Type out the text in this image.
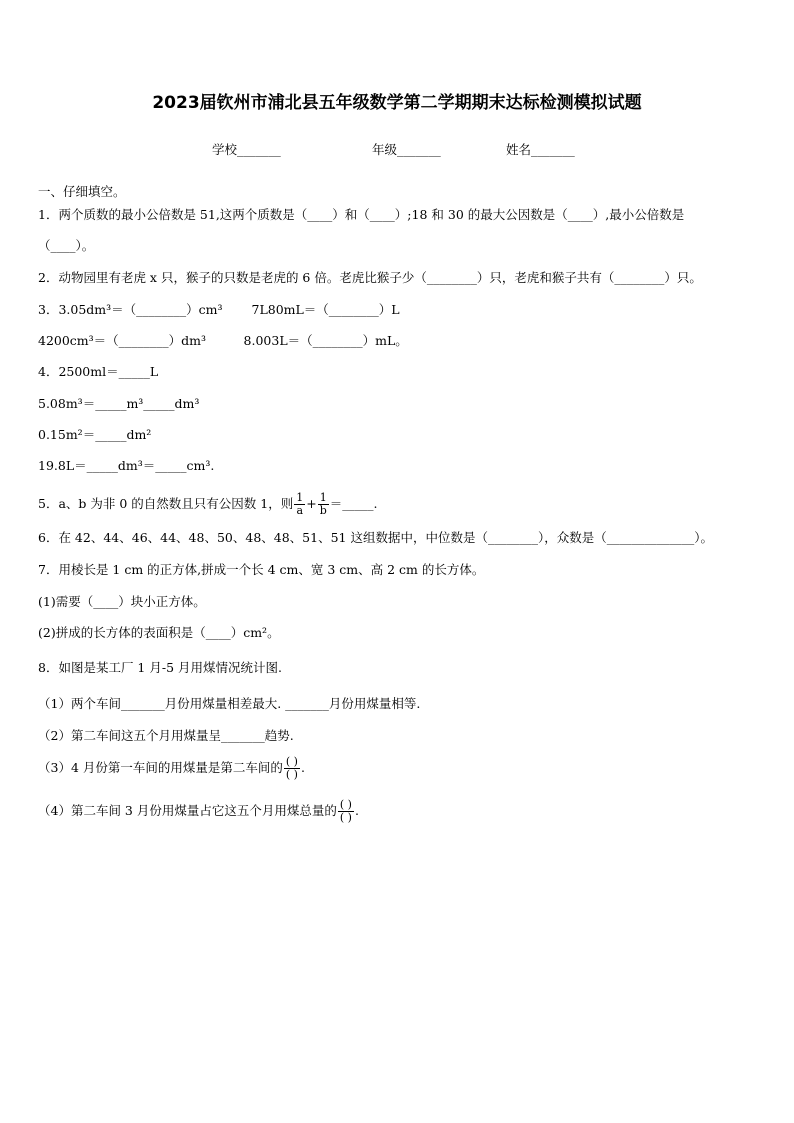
2023届钦州市浦北县五年级数学第二学期期末达标检测模拟试题
学校_______	年级_______	姓名_______
一、仔细填空。
1．两个质数的最小公倍数是 51,这两个质数是（____）和（____）;18 和 30 的最大公因数是（____）,最小公倍数是
（____）。
2．动物园里有老虎 x 只，猴子的只数是老虎的 6 倍。老虎比猴子少（________）只，老虎和猴子共有（________）只。
3．3.05dm³＝（________）cm³　　 7L80mL＝（________）L
4200cm³＝（________）dm³　　　8.003L＝（________）mL。
4．2500ml＝_____L
5.08m³＝_____m³_____dm³
0.15m²＝_____dm²
19.8L＝_____dm³＝_____cm³.
5．a、b 为非 0 的自然数且只有公因数 1，则 $\frac{1}{a} + \frac{1}{b}$ ＝_____.
6．在 42、44、46、44、48、50、48、48、51、51 这组数据中，中位数是（________），众数是（______________）。
7．用棱长是 1 cm 的正方体,拼成一个长 4 cm、宽 3 cm、高 2 cm 的长方体。
(1)需要（____）块小正方体。
(2)拼成的长方体的表面积是（____）cm²。
8．如图是某工厂 1 月-5 月用煤情况统计图.
（1）两个车间_______月份用煤量相差最大. _______月份用煤量相等.
（2）第二车间这五个月用煤量呈_______趋势.
（3）4 月份第一车间的用煤量是第二车间的 $\frac{( )}{( )}$ .
（4）第二车间 3 月份用煤量占它这五个月用煤总量的 $\frac{( )}{( )}$ .
